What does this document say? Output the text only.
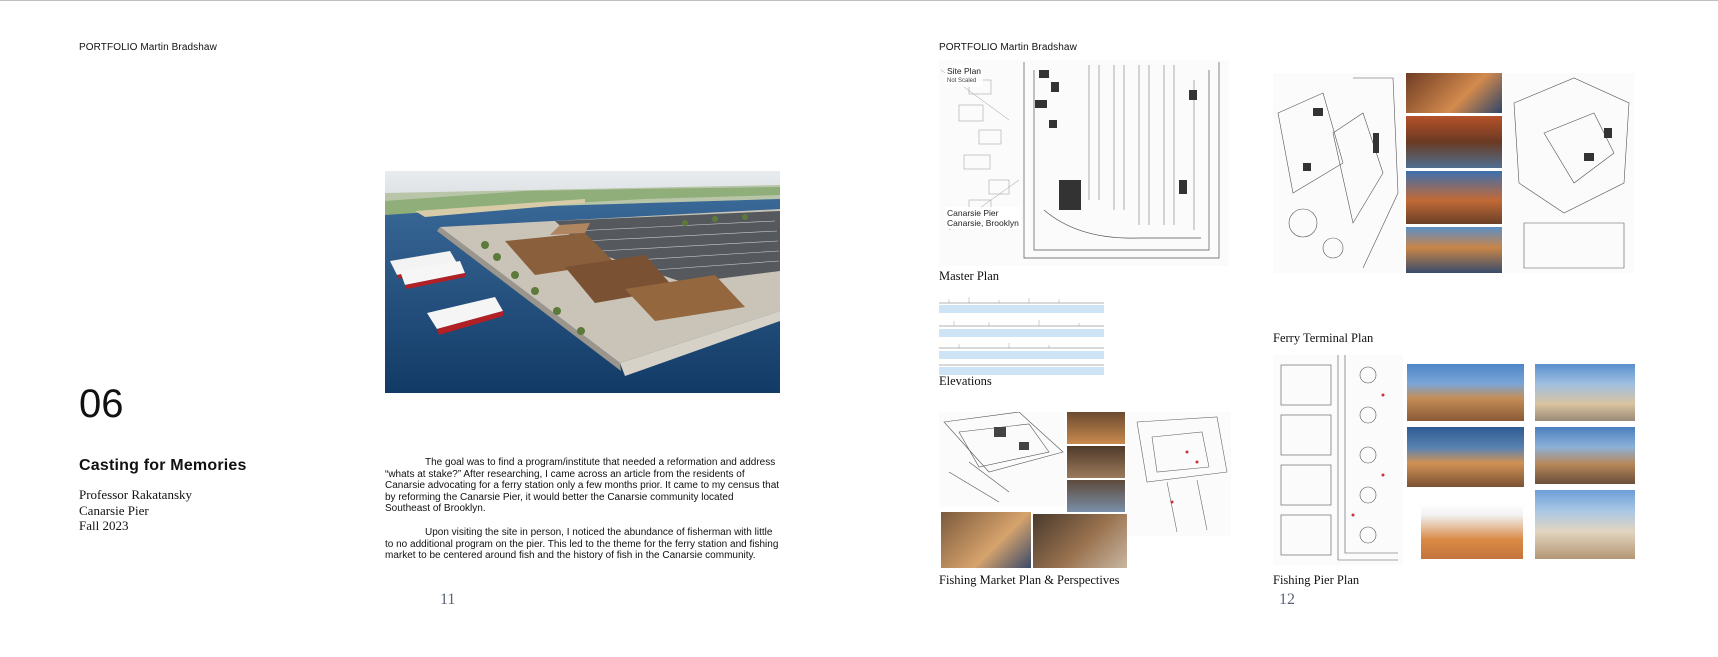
PORTFOLIO Martin Bradshaw
06
Casting for Memories
Professor Rakatansky
Canarsie Pier
Fall 2023

The goal was to find a program/institute that needed a reformation and address “whats at stake?” After researching, I came across an article from the residents of Canarsie advocating for a ferry station only a few months prior. It came to my census that by reforming the Canarsie Pier, it would better the Canarsie community located Southeast of Brooklyn.

Upon visiting the site in person, I noticed the abundance of fisherman with little to no additional program on the pier. This led to the theme for the ferry station and fishing market to be centered around fish and the history of fish in the Canarsie community.

11
PORTFOLIO Martin Bradshaw
Site Plan
Not Scaled
Canarsie Pier
Canarsie, Brooklyn
Master Plan
Elevations
Fishing Market Plan & Perspectives
Ferry Terminal Plan
Fishing Pier Plan
12
